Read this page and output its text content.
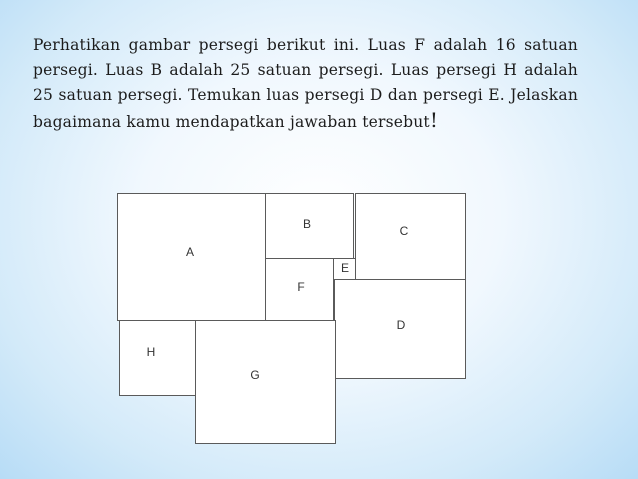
Perhatikan gambar persegi berikut ini. Luas F adalah 16 satuan persegi. Luas B adalah 25 satuan persegi. Luas persegi H adalah 25 satuan persegi. Temukan luas persegi D dan persegi E. Jelaskan bagaimana kamu mendapatkan jawaban tersebut!
A
B	C
F
E
D
H
G
